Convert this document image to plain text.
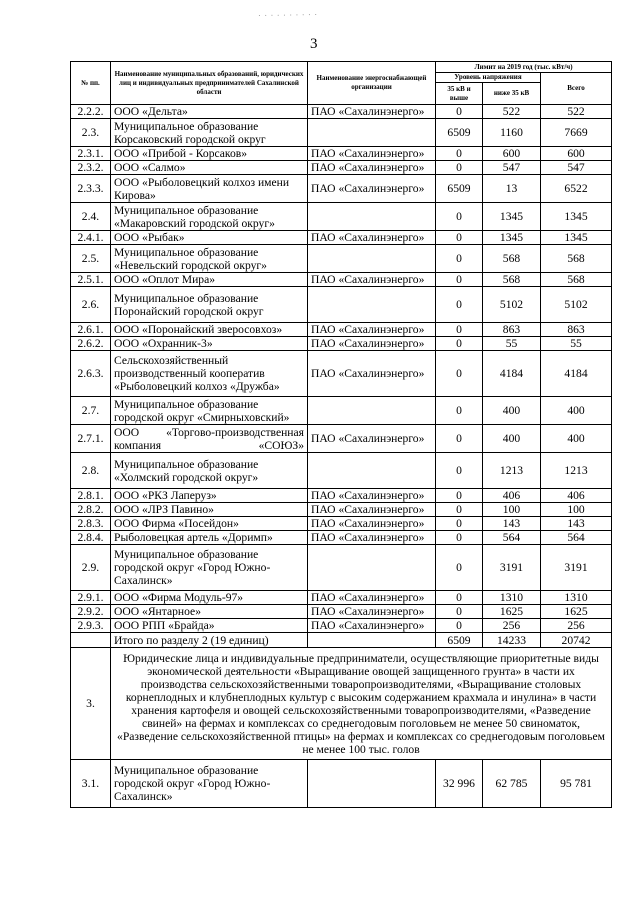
· · · · · · · · · ·
3
№ пп.	Наименование муниципальных образований, юридических лиц и индивидуальных предпринимателей Сахалинской области	Наименование энергоснабжающей организации	Лимит на 2019 год (тыс. кВт/ч)		
			Уровень напряжения		Всего
			35 кВ и выше	ниже 35 кВ	
2.2.2.	ООО «Дельта»	ПАО «Сахалинэнерго»	0	522	522
2.3.	Муниципальное образование Корсаковский городской округ		6509	1160	7669
2.3.1.	ООО «Прибой - Корсаков»	ПАО «Сахалинэнерго»	0	600	600
2.3.2.	ООО «Салмо»	ПАО «Сахалинэнерго»	0	547	547
2.3.3.	ООО «Рыболовецкий колхоз имени Кирова»	ПАО «Сахалинэнерго»	6509	13	6522
2.4.	Муниципальное образование «Макаровский городской округ»		0	1345	1345
2.4.1.	ООО «Рыбак»	ПАО «Сахалинэнерго»	0	1345	1345
2.5.	Муниципальное образование «Невельский городской округ»		0	568	568
2.5.1.	ООО «Оплот Мира»	ПАО «Сахалинэнерго»	0	568	568
2.6.	Муниципальное образование Поронайский городской округ		0	5102	5102
2.6.1.	ООО «Поронайский зверосовхоз»	ПАО «Сахалинэнерго»	0	863	863
2.6.2.	ООО «Охранник-3»	ПАО «Сахалинэнерго»	0	55	55
2.6.3.	Сельскохозяйственный производственный кооператив «Рыболовецкий колхоз «Дружба»	ПАО «Сахалинэнерго»	0	4184	4184
2.7.	Муниципальное образование городской округ «Смирныховский»		0	400	400
2.7.1.	ООО «Торгово-производственная компания «СОЮЗ»	ПАО «Сахалинэнерго»	0	400	400
2.8.	Муниципальное образование «Холмский городской округ»		0	1213	1213
2.8.1.	ООО «РКЗ Лаперуз»	ПАО «Сахалинэнерго»	0	406	406
2.8.2.	ООО «ЛРЗ Павино»	ПАО «Сахалинэнерго»	0	100	100
2.8.3.	ООО Фирма «Посейдон»	ПАО «Сахалинэнерго»	0	143	143
2.8.4.	Рыболовецкая артель «Доримп»	ПАО «Сахалинэнерго»	0	564	564
2.9.	Муниципальное образование городской округ «Город Южно-Сахалинск»		0	3191	3191
2.9.1.	ООО «Фирма Модуль-97»	ПАО «Сахалинэнерго»	0	1310	1310
2.9.2.	ООО «Янтарное»	ПАО «Сахалинэнерго»	0	1625	1625
2.9.3.	ООО РПП «Брайда»	ПАО «Сахалинэнерго»	0	256	256
	Итого по разделу 2 (19 единиц)		6509	14233	20742
3.	Юридические лица и индивидуальные предприниматели, осуществляющие приоритетные виды экономической деятельности «Выращивание овощей защищенного грунта» в части их производства сельскохозяйственными товаропроизводителями, «Выращивание столовых корнеплодных и клубнеплодных культур с высоким содержанием крахмала и инулина» в части хранения картофеля и овощей сельскохозяйственными товаропроизводителями, «Разведение свиней» на фермах и комплексах со среднегодовым поголовьем не менее 50 свиноматок, «Разведение сельскохозяйственной птицы» на фермах и комплексах со среднегодовым поголовьем не менее 100 тыс. голов				
3.1.	Муниципальное образование городской округ «Город Южно-Сахалинск»		32 996	62 785	95 781
